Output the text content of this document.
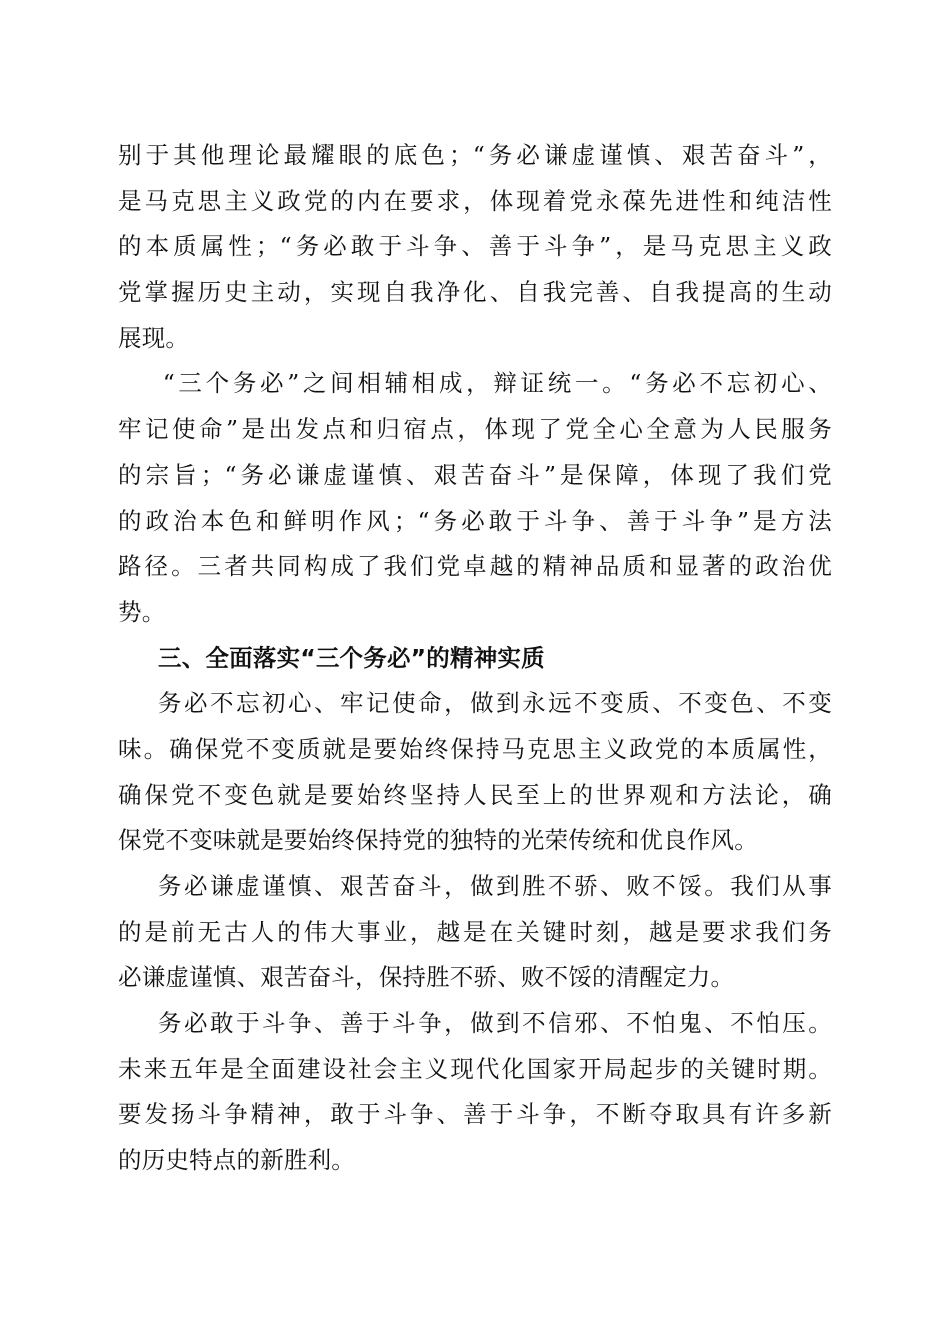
别于其他理论最耀眼的底色；“务必谦虚谨慎、艰苦奋斗”，
是马克思主义政党的内在要求，体现着党永葆先进性和纯洁性
的本质属性；“务必敢于斗争、善于斗争”，是马克思主义政
党掌握历史主动，实现自我净化、自我完善、自我提高的生动
展现。
“三个务必”之间相辅相成，辩证统一。“务必不忘初心、
牢记使命”是出发点和归宿点，体现了党全心全意为人民服务
的宗旨；“务必谦虚谨慎、艰苦奋斗”是保障，体现了我们党
的政治本色和鲜明作风；“务必敢于斗争、善于斗争”是方法
路径。三者共同构成了我们党卓越的精神品质和显著的政治优
势。
三、全面落实“三个务必”的精神实质
务必不忘初心、牢记使命，做到永远不变质、不变色、不变
味。确保党不变质就是要始终保持马克思主义政党的本质属性，
确保党不变色就是要始终坚持人民至上的世界观和方法论，确
保党不变味就是要始终保持党的独特的光荣传统和优良作风。
务必谦虚谨慎、艰苦奋斗，做到胜不骄、败不馁。我们从事
的是前无古人的伟大事业，越是在关键时刻，越是要求我们务
必谦虚谨慎、艰苦奋斗，保持胜不骄、败不馁的清醒定力。
务必敢于斗争、善于斗争，做到不信邪、不怕鬼、不怕压。
未来五年是全面建设社会主义现代化国家开局起步的关键时期。
要发扬斗争精神，敢于斗争、善于斗争，不断夺取具有许多新
的历史特点的新胜利。
